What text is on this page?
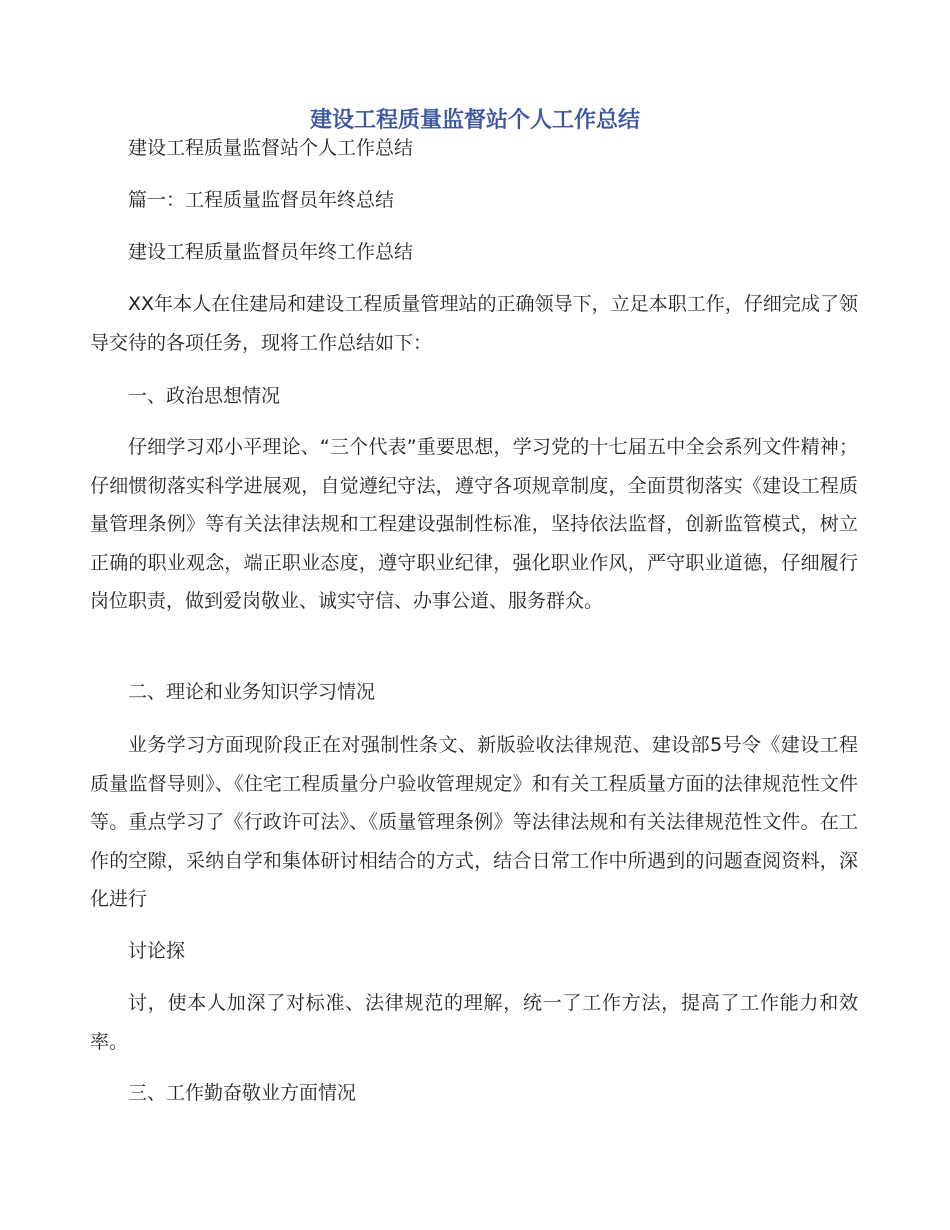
建设工程质量监督站个人工作总结

建设工程质量监督站个人工作总结

篇一：工程质量监督员年终总结

建设工程质量监督员年终工作总结

XX年本人在住建局和建设工程质量管理站的正确领导下，立足本职工作，仔细完成了领导交待的各项任务，现将工作总结如下：

一、政治思想情况

仔细学习邓小平理论、“三个代表”重要思想，学习党的十七届五中全会系列文件精神；仔细惯彻落实科学进展观，自觉遵纪守法，遵守各项规章制度，全面贯彻落实《建设工程质量管理条例》等有关法律法规和工程建设强制性标准，坚持依法监督，创新监管模式，树立正确的职业观念，端正职业态度，遵守职业纪律，强化职业作风，严守职业道德，仔细履行岗位职责，做到爱岗敬业、诚实守信、办事公道、服务群众。

二、理论和业务知识学习情况

业务学习方面现阶段正在对强制性条文、新版验收法律规范、建设部5号令《建设工程质量监督导则》、《住宅工程质量分户验收管理规定》和有关工程质量方面的法律规范性文件等。重点学习了《行政许可法》、《质量管理条例》等法律法规和有关法律规范性文件。在工作的空隙，采纳自学和集体研讨相结合的方式，结合日常工作中所遇到的问题查阅资料，深化进行

讨论探

讨，使本人加深了对标准、法律规范的理解，统一了工作方法，提高了工作能力和效率。

三、工作勤奋敬业方面情况
